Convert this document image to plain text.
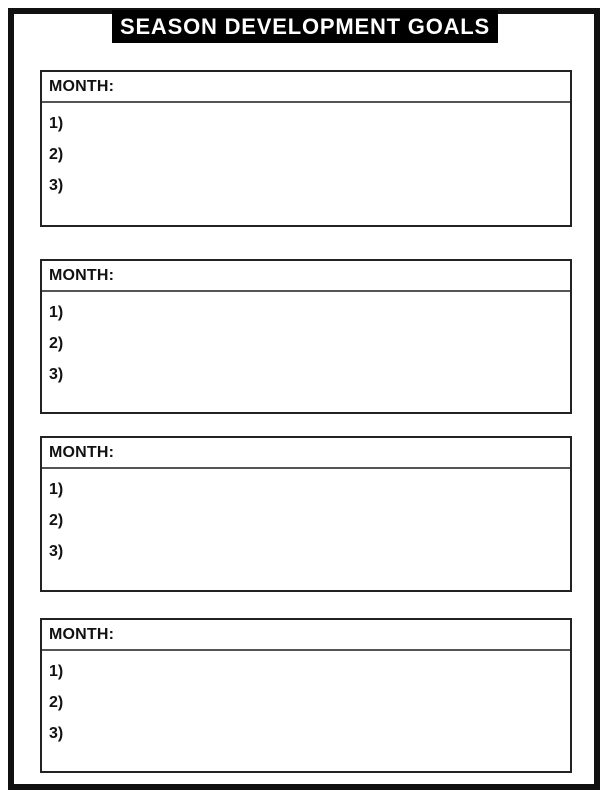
SEASON DEVELOPMENT GOALS
MONTH:
1)
2)
3)
MONTH:
1)
2)
3)
MONTH:
1)
2)
3)
MONTH:
1)
2)
3)
